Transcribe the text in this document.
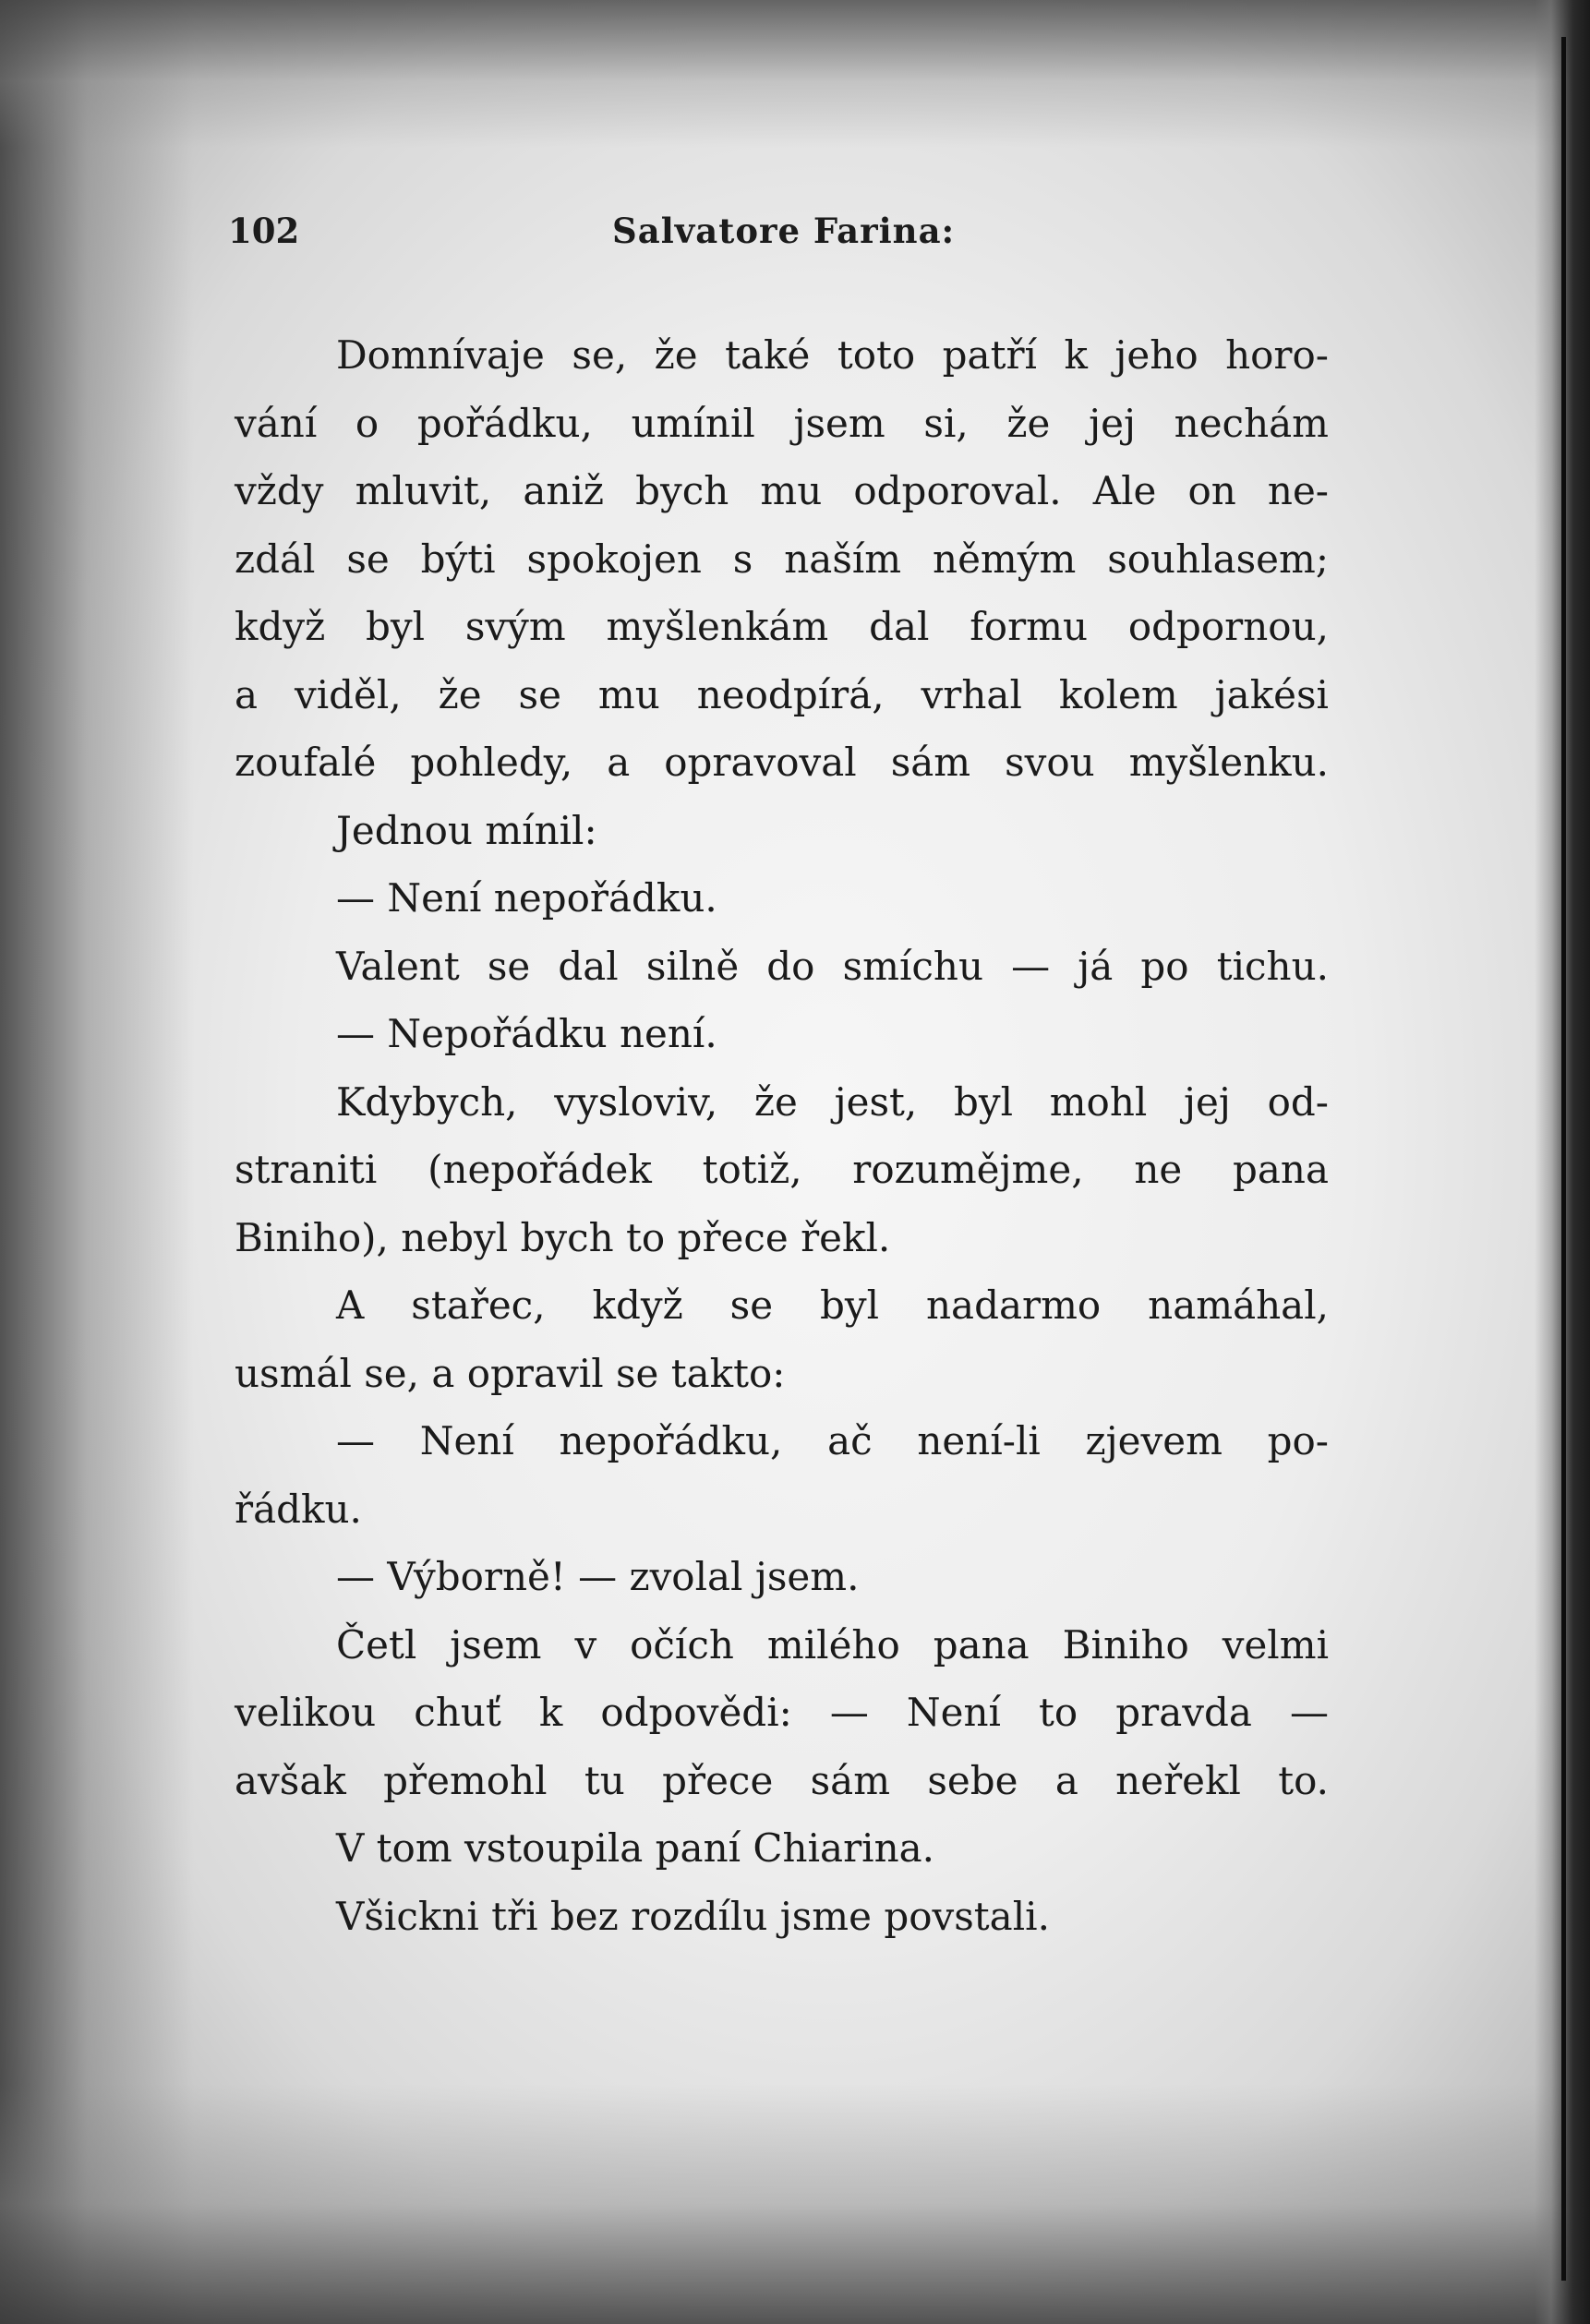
102	Salvatore Farina:
Domnívaje se, že také toto patří k jeho horo-
vání o pořádku, umínil jsem si, že jej nechám
vždy mluvit, aniž bych mu odporoval. Ale on ne-
zdál se býti spokojen s naším němým souhlasem;
když byl svým myšlenkám dal formu odpornou,
a viděl, že se mu neodpírá, vrhal kolem jakési
zoufalé pohledy, a opravoval sám svou myšlenku.
Jednou mínil:
— Není nepořádku.
Valent se dal silně do smíchu — já po tichu.
— Nepořádku není.
Kdybych, vysloviv, že jest, byl mohl jej od-
straniti (nepořádek totiž, rozumějme, ne pana
Biniho), nebyl bych to přece řekl.
A stařec, když se byl nadarmo namáhal,
usmál se, a opravil se takto:
— Není nepořádku, ač není-li zjevem po-
řádku.
— Výborně! — zvolal jsem.
Četl jsem v očích milého pana Biniho velmi
velikou chuť k odpovědi: — Není to pravda —
avšak přemohl tu přece sám sebe a neřekl to.
V tom vstoupila paní Chiarina.
Všickni tři bez rozdílu jsme povstali.
